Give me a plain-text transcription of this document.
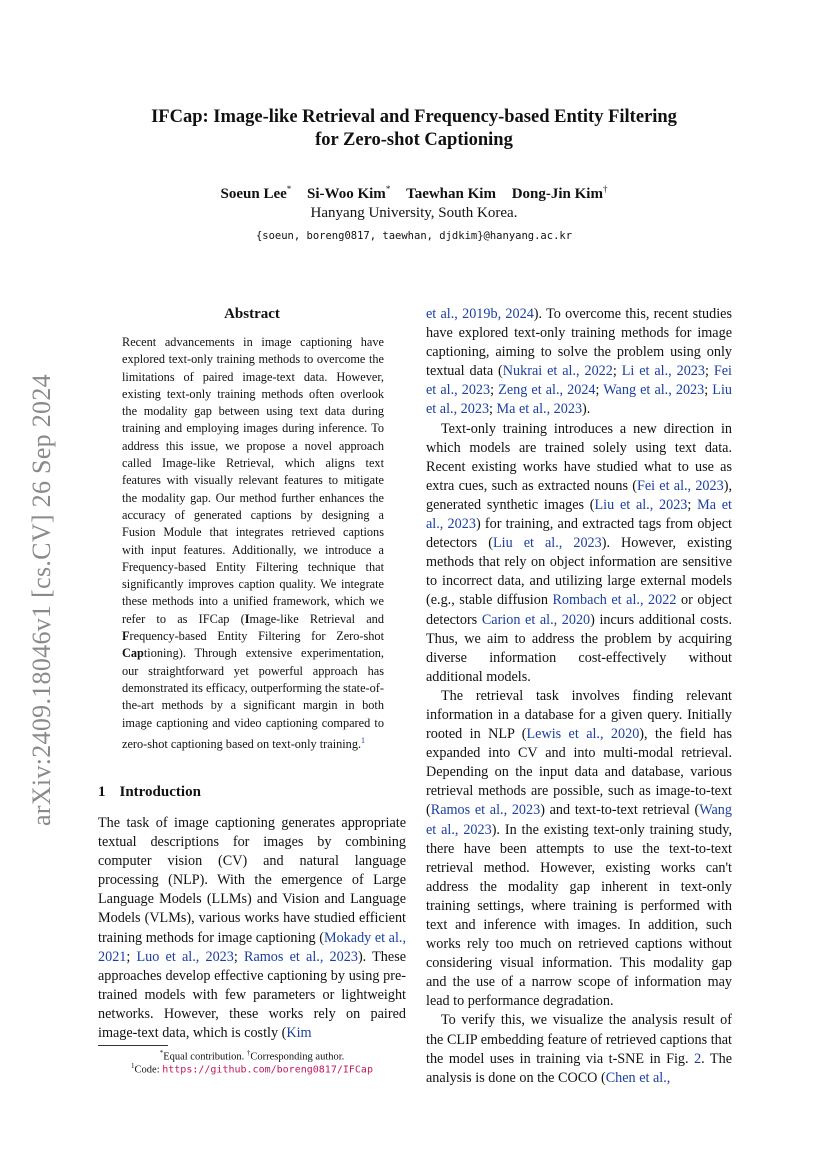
IFCap: Image-like Retrieval and Frequency-based Entity Filtering
for Zero-shot Captioning
Soeun Lee* Si-Woo Kim* Taewhan Kim Dong-Jin Kim†
Hanyang University, South Korea.
{soeun, boreng0817, taewhan, djdkim}@hanyang.ac.kr
arXiv:2409.18046v1 [cs.CV] 26 Sep 2024
Abstract
Recent advancements in image captioning have explored text-only training methods to overcome the limitations of paired image-text data. However, existing text-only training methods often overlook the modality gap between using text data during training and employing images during inference. To address this issue, we propose a novel approach called Image-like Retrieval, which aligns text features with visually relevant features to mitigate the modality gap. Our method further enhances the accuracy of generated captions by designing a Fusion Module that integrates retrieved captions with input features. Additionally, we introduce a Frequency-based Entity Filtering technique that significantly improves caption quality. We integrate these methods into a unified framework, which we refer to as IFCap (Image-like Retrieval and Frequency-based Entity Filtering for Zero-shot Captioning). Through extensive experimentation, our straightforward yet powerful approach has demonstrated its efficacy, outperforming the state-of-the-art methods by a significant margin in both image captioning and video captioning compared to zero-shot captioning based on text-only training.$^1$
1 Introduction
The task of image captioning generates appropriate textual descriptions for images by combining computer vision (CV) and natural language processing (NLP). With the emergence of Large Language Models (LLMs) and Vision and Language Models (VLMs), various works have studied efficient training methods for image captioning (Mokady et al., 2021; Luo et al., 2023; Ramos et al., 2023). These approaches develop effective captioning by using pre-trained models with few parameters or lightweight networks. However, these works rely on paired image-text data, which is costly (Kim
*Equal contribution. †Corresponding author.
$^1$Code: https://github.com/boreng0817/IFCap

et al., 2019b, 2024). To overcome this, recent studies have explored text-only training methods for image captioning, aiming to solve the problem using only textual data (Nukrai et al., 2022; Li et al., 2023; Fei et al., 2023; Zeng et al., 2024; Wang et al., 2023; Liu et al., 2023; Ma et al., 2023).

Text-only training introduces a new direction in which models are trained solely using text data. Recent existing works have studied what to use as extra cues, such as extracted nouns (Fei et al., 2023), generated synthetic images (Liu et al., 2023; Ma et al., 2023) for training, and extracted tags from object detectors (Liu et al., 2023). However, existing methods that rely on object information are sensitive to incorrect data, and utilizing large external models (e.g., stable diffusion Rombach et al., 2022 or object detectors Carion et al., 2020) incurs additional costs. Thus, we aim to address the problem by acquiring diverse information cost-effectively without additional models.

The retrieval task involves finding relevant information in a database for a given query. Initially rooted in NLP (Lewis et al., 2020), the field has expanded into CV and into multi-modal retrieval. Depending on the input data and database, various retrieval methods are possible, such as image-to-text (Ramos et al., 2023) and text-to-text retrieval (Wang et al., 2023). In the existing text-only training study, there have been attempts to use the text-to-text retrieval method. However, existing works can't address the modality gap inherent in text-only training settings, where training is performed with text and inference with images. In addition, such works rely too much on retrieved captions without considering visual information. This modality gap and the use of a narrow scope of information may lead to performance degradation.

To verify this, we visualize the analysis result of the CLIP embedding feature of retrieved captions that the model uses in training via t-SNE in Fig. 2. The analysis is done on the COCO (Chen et al.,
